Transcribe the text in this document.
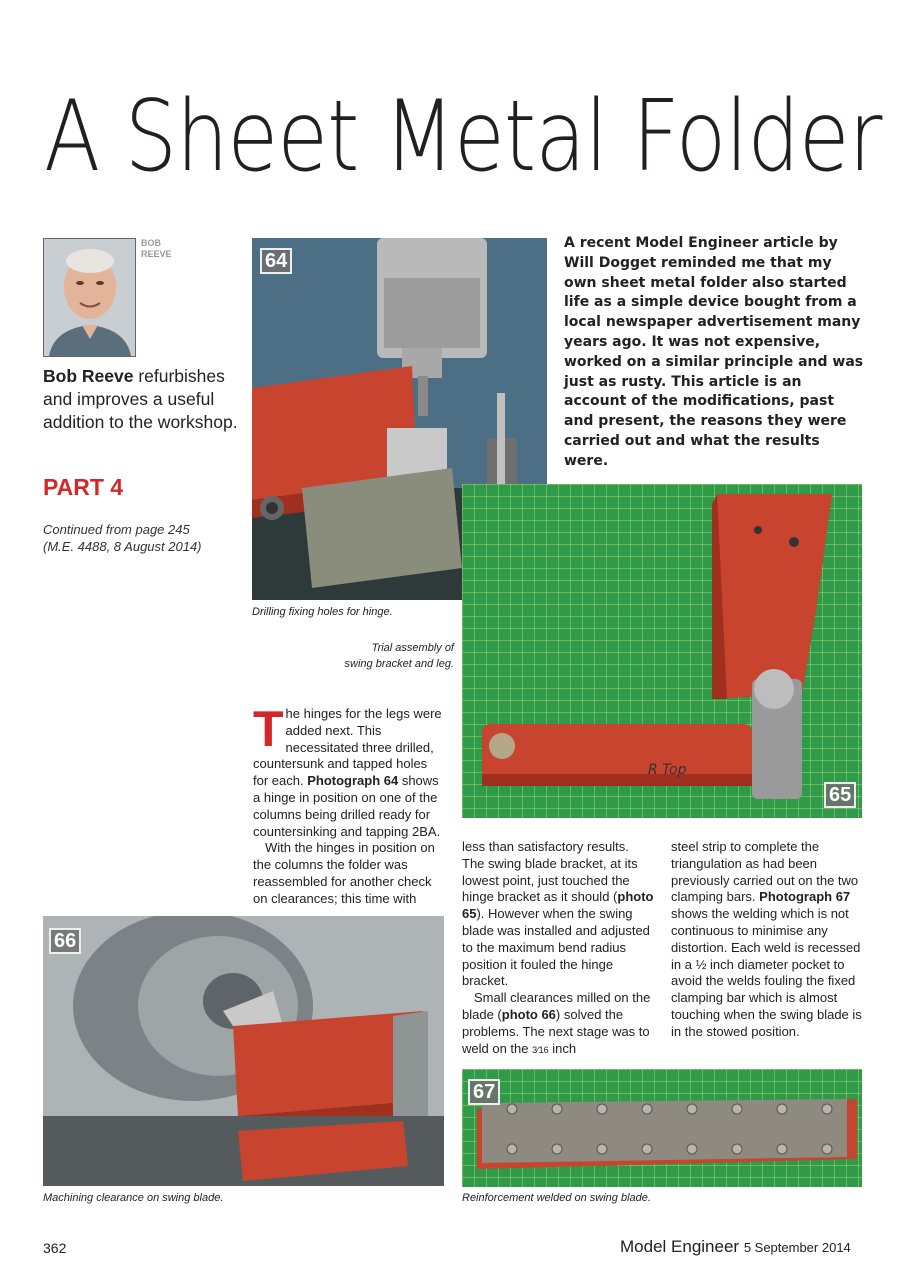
A Sheet Metal Folder
BOB
REEVE
Bob Reeve refurbishes and improves a useful addition to the workshop.
PART 4
Continued from page 245
(M.E. 4488, 8 August 2014)
A recent Model Engineer article by Will Dogget reminded me that my own sheet metal folder also started life as a simple device bought from a local newspaper advertisement many years ago. It was not expensive, worked on a similar principle and was just as rusty. This article is an account of the modifications, past and present, the reasons they were carried out and what the results were.
64
Drilling fixing holes for hinge.
R Top
65
Trial assembly of
swing bracket and leg.

The hinges for the legs were added next. This necessitated three drilled, countersunk and tapped holes for each. Photograph 64 shows a hinge in position on one of the columns being drilled ready for countersinking and tapping 2BA.

With the hinges in position on the columns the folder was reassembled for another check on clearances; this time with

less than satisfactory results. The swing blade bracket, at its lowest point, just touched the hinge bracket as it should (photo 65). However when the swing blade was installed and adjusted to the maximum bend radius position it fouled the hinge bracket.

Small clearances milled on the blade (photo 66) solved the problems. The next stage was to weld on the 3⁄16 inch

steel strip to complete the triangulation as had been previously carried out on the two clamping bars. Photograph 67 shows the welding which is not continuous to minimise any distortion. Each weld is recessed in a ½ inch diameter pocket to avoid the welds fouling the fixed clamping bar which is almost touching when the swing blade is in the stowed position.

66
Machining clearance on swing blade.
67
Reinforcement welded on swing blade.
362	Model Engineer 5 September 2014
